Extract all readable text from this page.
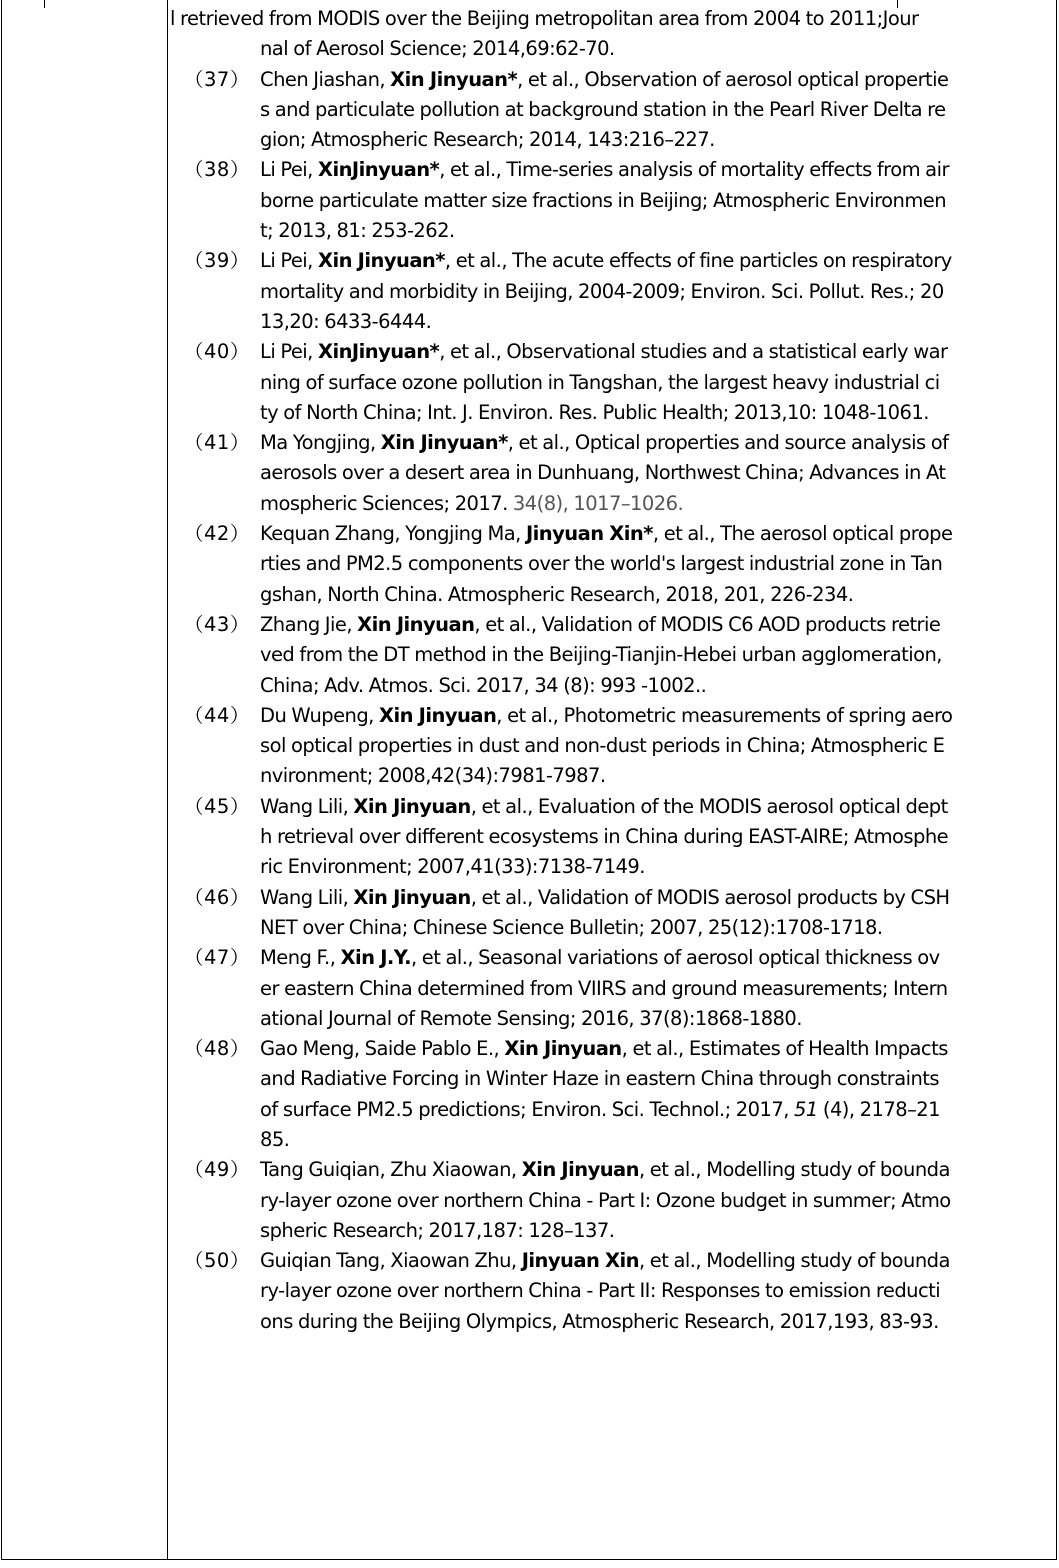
l retrieved from MODIS over the Beijing metropolitan area from 2004 to 2011;Jour
nal of Aerosol Science; 2014,69:62-70.
（37） Chen Jiashan, Xin Jinyuan*, et al., Observation of aerosol optical propertie
s and particulate pollution at background station in the Pearl River Delta re
gion; Atmospheric Research; 2014, 143:216–227.
（38） Li Pei, XinJinyuan*, et al., Time-series analysis of mortality effects from air
borne particulate matter size fractions in Beijing; Atmospheric Environmen
t; 2013, 81: 253-262.
（39） Li Pei, Xin Jinyuan*, et al., The acute effects of fine particles on respiratory
mortality and morbidity in Beijing, 2004-2009; Environ. Sci. Pollut. Res.; 20
13,20: 6433-6444.
（40） Li Pei, XinJinyuan*, et al., Observational studies and a statistical early war
ning of surface ozone pollution in Tangshan, the largest heavy industrial ci
ty of North China; Int. J. Environ. Res. Public Health; 2013,10: 1048-1061.
（41） Ma Yongjing, Xin Jinyuan*, et al., Optical properties and source analysis of
aerosols over a desert area in Dunhuang, Northwest China; Advances in At
mospheric Sciences; 2017. 34(8), 1017–1026.
（42） Kequan Zhang, Yongjing Ma, Jinyuan Xin*, et al., The aerosol optical prope
rties and PM2.5 components over the world's largest industrial zone in Tan
gshan, North China. Atmospheric Research, 2018, 201, 226-234.
（43） Zhang Jie, Xin Jinyuan, et al., Validation of MODIS C6 AOD products retrie
ved from the DT method in the Beijing-Tianjin-Hebei urban agglomeration,
China; Adv. Atmos. Sci. 2017, 34 (8): 993 -1002..
（44） Du Wupeng, Xin Jinyuan, et al., Photometric measurements of spring aero
sol optical properties in dust and non-dust periods in China; Atmospheric E
nvironment; 2008,42(34):7981-7987.
（45） Wang Lili, Xin Jinyuan, et al., Evaluation of the MODIS aerosol optical dept
h retrieval over different ecosystems in China during EAST-AIRE; Atmosphe
ric Environment; 2007,41(33):7138-7149.
（46） Wang Lili, Xin Jinyuan, et al., Validation of MODIS aerosol products by CSH
NET over China; Chinese Science Bulletin; 2007, 25(12):1708-1718.
（47） Meng F., Xin J.Y., et al., Seasonal variations of aerosol optical thickness ov
er eastern China determined from VIIRS and ground measurements; Intern
ational Journal of Remote Sensing; 2016, 37(8):1868-1880.
（48） Gao Meng, Saide Pablo E., Xin Jinyuan, et al., Estimates of Health Impacts
and Radiative Forcing in Winter Haze in eastern China through constraints
of surface PM2.5 predictions; Environ. Sci. Technol.; 2017, 51 (4), 2178–21
85.
（49） Tang Guiqian, Zhu Xiaowan, Xin Jinyuan, et al., Modelling study of bounda
ry-layer ozone over northern China - Part I: Ozone budget in summer; Atmo
spheric Research; 2017,187: 128–137.
（50） Guiqian Tang, Xiaowan Zhu, Jinyuan Xin, et al., Modelling study of bounda
ry-layer ozone over northern China - Part II: Responses to emission reducti
ons during the Beijing Olympics, Atmospheric Research, 2017,193, 83-93.
